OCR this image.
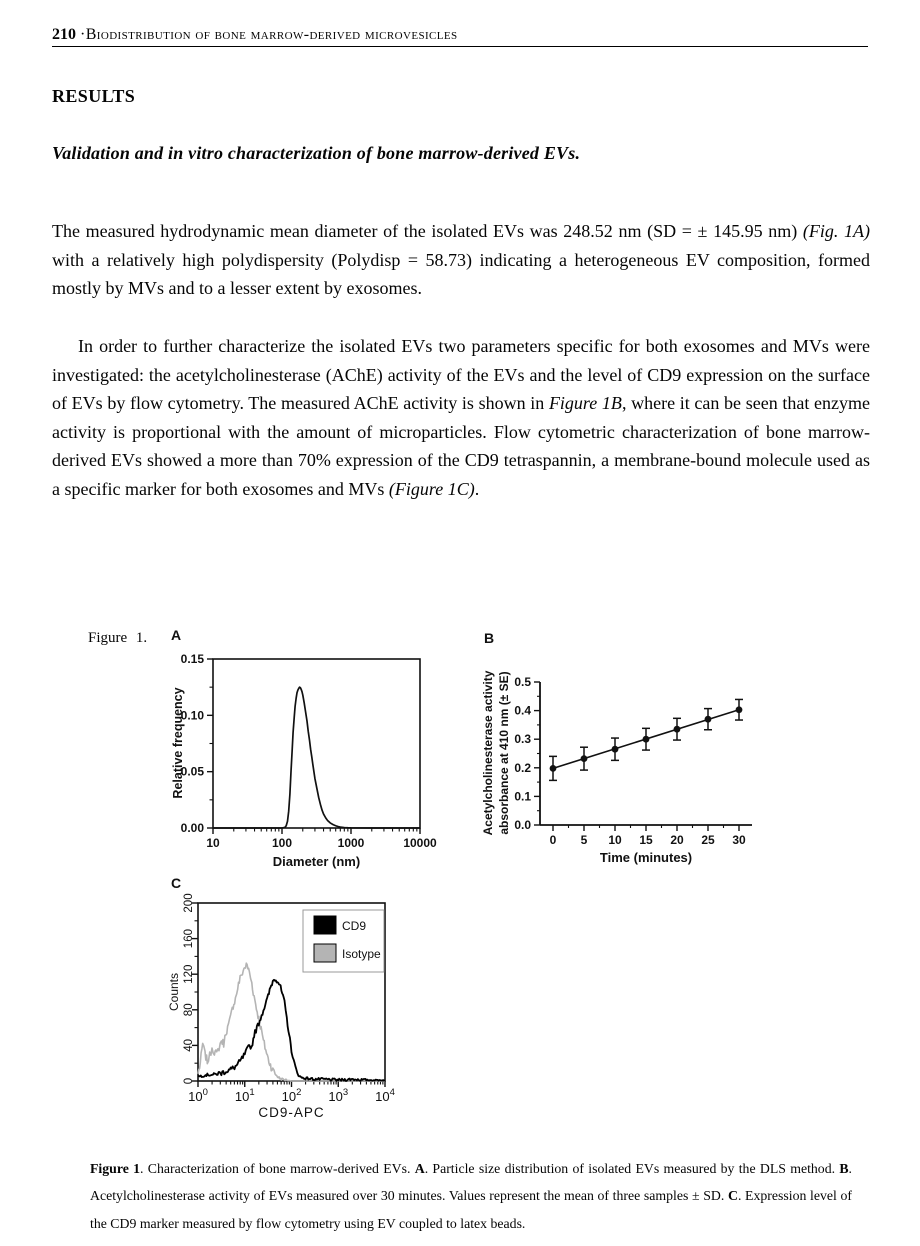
210 ·Biodistribution of bone marrow-derived microvesicles
RESULTS
Validation and in vitro characterization of bone marrow-derived EVs.

The measured hydrodynamic mean diameter of the isolated EVs was 248.52 nm (SD = ± 145.95 nm) (Fig. 1A) with a relatively high polydispersity (Polydisp = 58.73) indicating a heterogeneous EV composition, formed mostly by MVs and to a lesser extent by exosomes.

In order to further characterize the isolated EVs two parameters specific for both exosomes and MVs were investigated: the acetylcholinesterase (AChE) activity of the EVs and the level of CD9 expression on the surface of EVs by flow cytometry. The measured AChE activity is shown in Figure 1B, where it can be seen that enzyme activity is proportional with the amount of microparticles. Flow cytometric characterization of bone marrow-derived EVs showed a more than 70% expression of the CD9 tetraspannin, a membrane-bound molecule used as a specific marker for both exosomes and MVs (Figure 1C).

Figure 1. A	B
C
10	100	1000	10000
0.00
0.05
0.10
0.15
Relative frequency
Diameter (nm)
0 5 10 15 20 25 30
0.0
0.1
0.2
0.3
0.4
0.5
Acetylcholinesterase activity absorbance at 410 nm (± SE)
Time (minutes)
0
40
80
120
160
200
$10^0$ $10^1$ $10^2$ $10^3$ $10^4$
Counts
CD9-APC
CD9
Isotype

Figure 1. Characterization of bone marrow-derived EVs. A. Particle size distribution of isolated EVs measured by the DLS method. B. Acetylcholinesterase activity of EVs measured over 30 minutes. Values represent the mean of three samples ± SD. C. Expression level of the CD9 marker measured by flow cytometry using EV coupled to latex beads.
